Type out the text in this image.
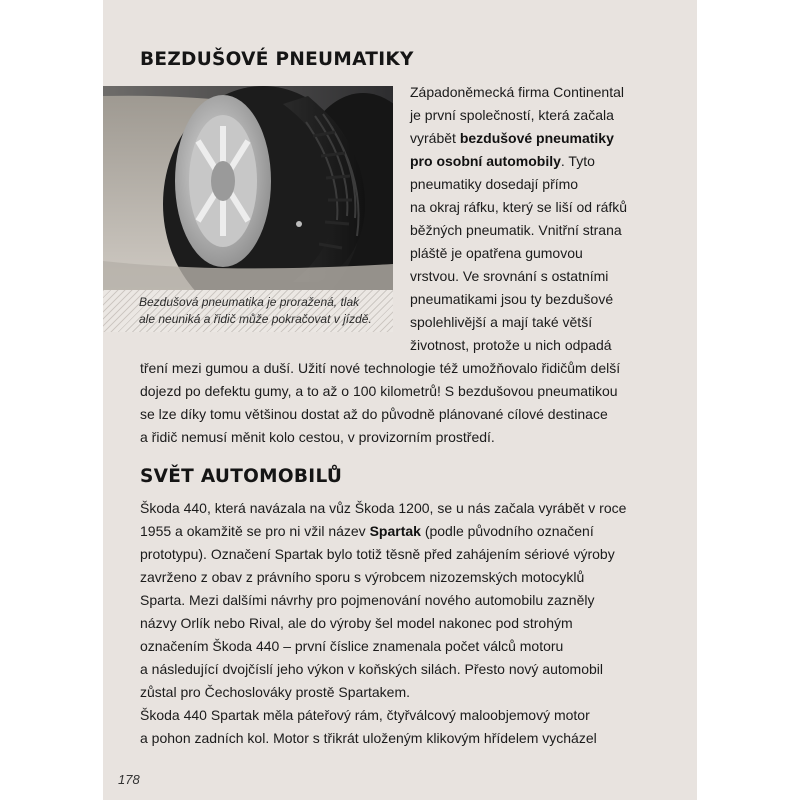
BEZDUŠOVÉ PNEUMATIKY
Bezdušová pneumatika je proražená, tlak
ale neuniká a řidič může pokračovat v jízdě.
Západoněmecká firma Continental
je první společností, která začala
vyrábět bezdušové pneumatiky
pro osobní automobily. Tyto
pneumatiky dosedají přímo
na okraj ráfku, který se liší od ráfků
běžných pneumatik. Vnitřní strana
pláště je opatřena gumovou
vrstvou. Ve srovnání s ostatními
pneumatikami jsou ty bezdušové
spolehlivější a mají také větší
životnost, protože u nich odpadá
tření mezi gumou a duší. Užití nové technologie též umožňovalo řidičům delší
dojezd po defektu gumy, a to až o 100 kilometrů! S bezdušovou pneumatikou
se lze díky tomu většinou dostat až do původně plánované cílové destinace
a řidič nemusí měnit kolo cestou, v provizorním prostředí.
SVĚT AUTOMOBILŮ
Škoda 440, která navázala na vůz Škoda 1200, se u nás začala vyrábět v roce
1955 a okamžitě se pro ni vžil název Spartak (podle původního označení
prototypu). Označení Spartak bylo totiž těsně před zahájením sériové výroby
zavrženo z obav z právního sporu s výrobcem nizozemských motocyklů
Sparta. Mezi dalšími návrhy pro pojmenování nového automobilu zazněly
názvy Orlík nebo Rival, ale do výroby šel model nakonec pod strohým
označením Škoda 440 – první číslice znamenala počet válců motoru
a následující dvojčíslí jeho výkon v koňských silách. Přesto nový automobil
zůstal pro Čechoslováky prostě Spartakem.
Škoda 440 Spartak měla páteřový rám, čtyřválcový maloobjemový motor
a pohon zadních kol. Motor s třikrát uloženým klikovým hřídelem vycházel
178
